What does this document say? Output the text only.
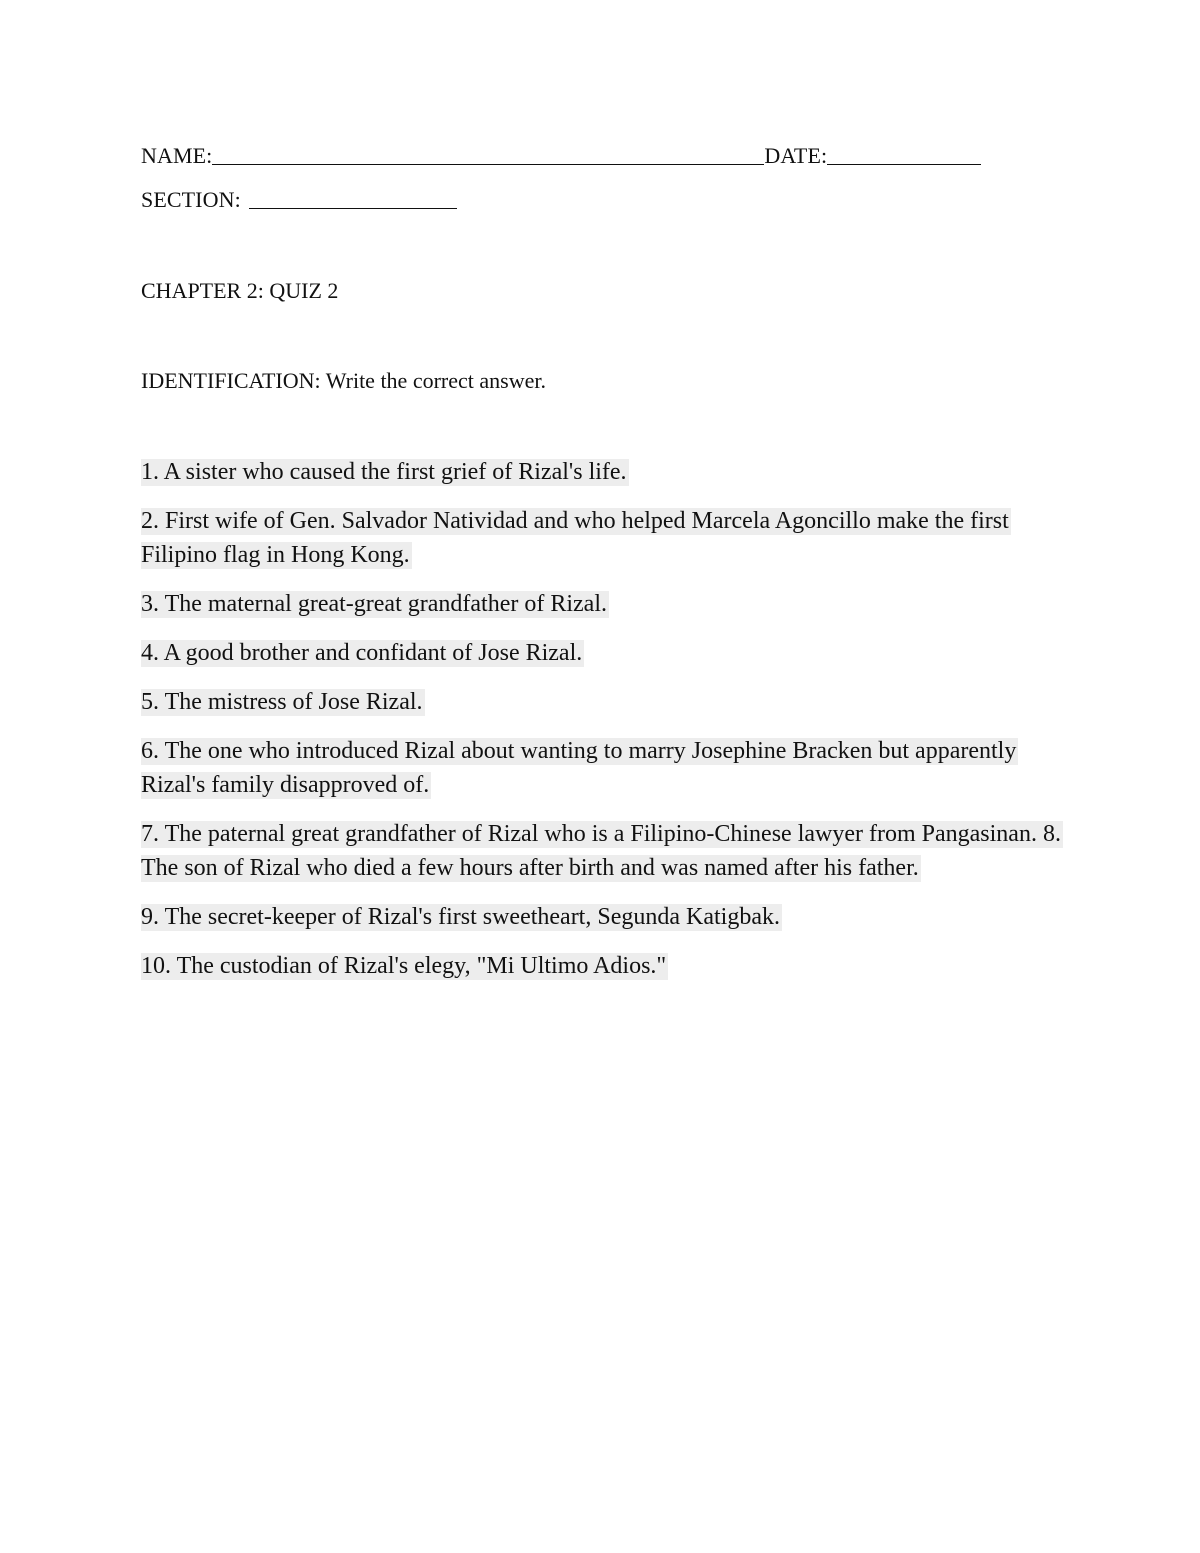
NAME:	DATE:
SECTION:
CHAPTER 2: QUIZ 2
IDENTIFICATION: Write the correct answer.

1. A sister who caused the first grief of Rizal's life.

2. First wife of Gen. Salvador Natividad and who helped Marcela Agoncillo make the first Filipino flag in Hong Kong.

3. The maternal great-great grandfather of Rizal.

4. A good brother and confidant of Jose Rizal.

5. The mistress of Jose Rizal.

6. The one who introduced Rizal about wanting to marry Josephine Bracken but apparently Rizal's family disapproved of.

7. The paternal great grandfather of Rizal who is a Filipino-Chinese lawyer from Pangasinan. 8. The son of Rizal who died a few hours after birth and was named after his father.

9. The secret-keeper of Rizal's first sweetheart, Segunda Katigbak.

10. The custodian of Rizal's elegy, "Mi Ultimo Adios."
